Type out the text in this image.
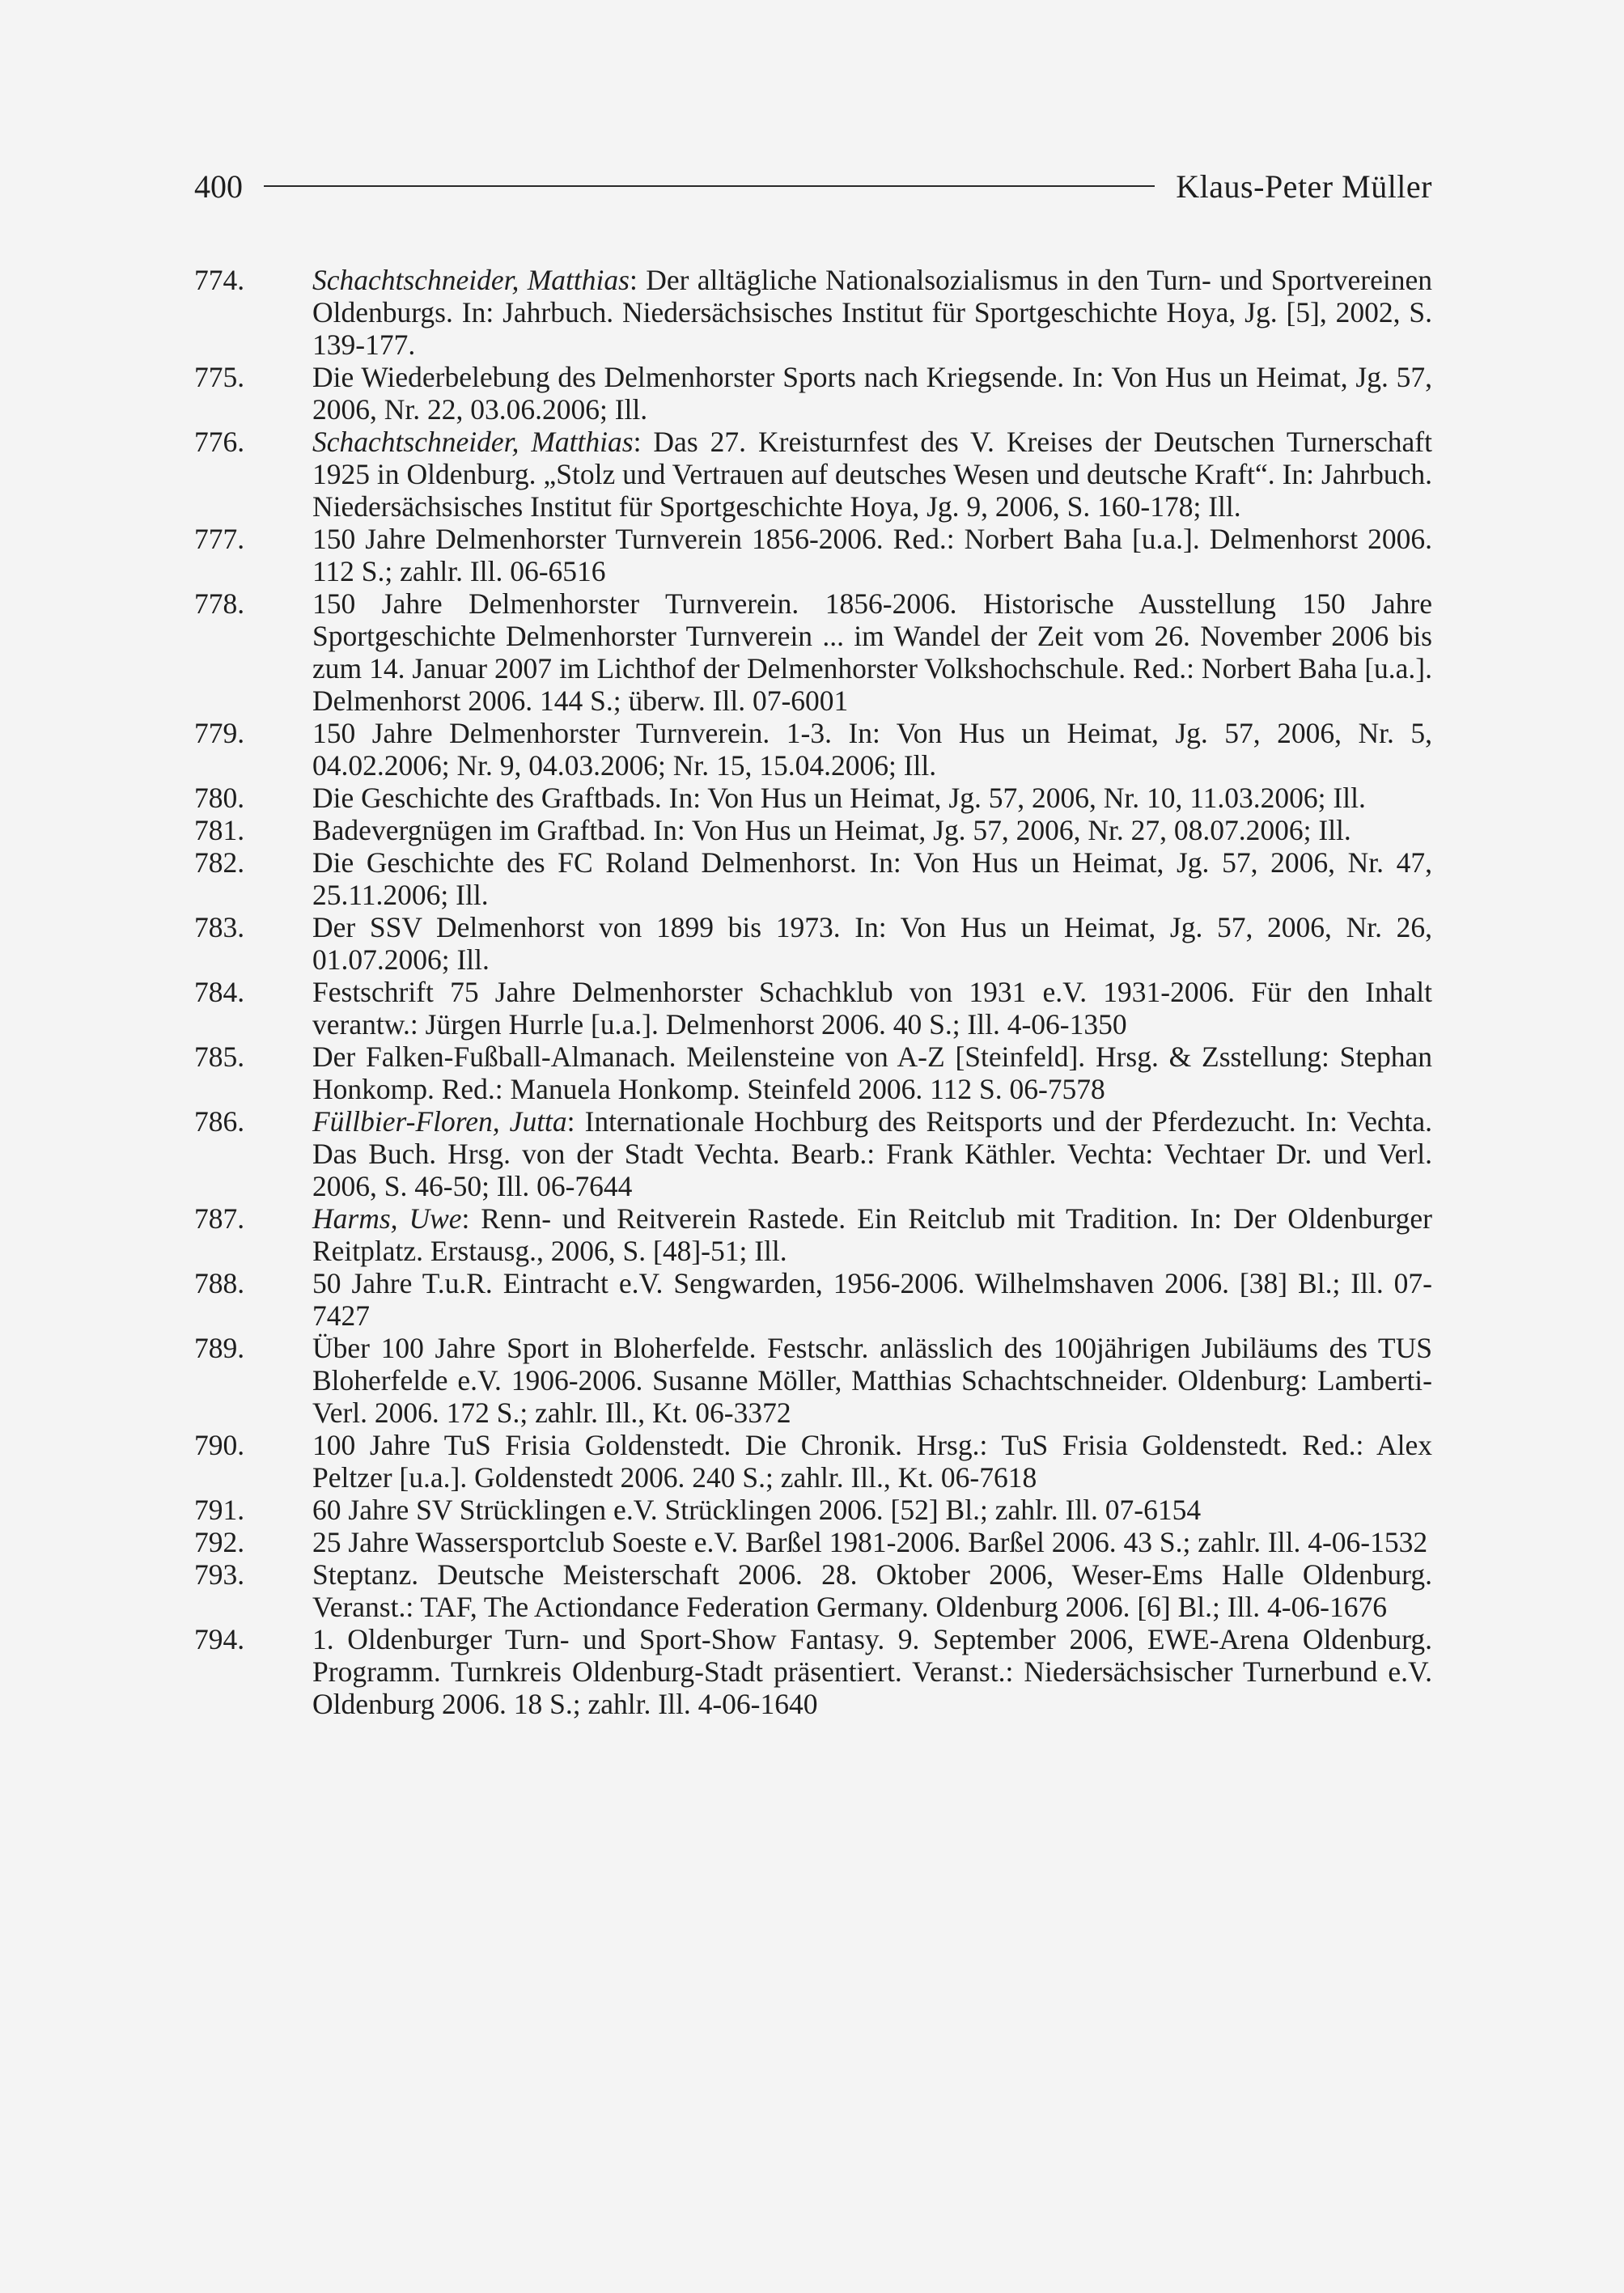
400	Klaus-Peter Müller
774.	Schachtschneider, Matthias: Der alltägliche Nationalsozialismus in den Turn- und Sportvereinen Oldenburgs. In: Jahrbuch. Niedersächsisches Institut für Sportgeschichte Hoya, Jg. [5], 2002, S. 139-177.

775.	Die Wiederbelebung des Delmenhorster Sports nach Kriegsende. In: Von Hus un Heimat, Jg. 57, 2006, Nr. 22, 03.06.2006; Ill.

776.	Schachtschneider, Matthias: Das 27. Kreisturnfest des V. Kreises der Deutschen Turnerschaft 1925 in Oldenburg. „Stolz und Vertrauen auf deutsches Wesen und deutsche Kraft“. In: Jahrbuch. Niedersächsisches Institut für Sportgeschichte Hoya, Jg. 9, 2006, S. 160-178; Ill.

777.	150 Jahre Delmenhorster Turnverein 1856-2006. Red.: Norbert Baha [u.a.]. Delmenhorst 2006. 112 S.; zahlr. Ill. 06-6516

778.	150 Jahre Delmenhorster Turnverein. 1856-2006. Historische Ausstellung 150 Jahre Sportgeschichte Delmenhorster Turnverein ... im Wandel der Zeit vom 26. November 2006 bis zum 14. Januar 2007 im Lichthof der Delmenhorster Volkshochschule. Red.: Norbert Baha [u.a.]. Delmenhorst 2006. 144 S.; überw. Ill. 07-6001

779.	150 Jahre Delmenhorster Turnverein. 1-3. In: Von Hus un Heimat, Jg. 57, 2006, Nr. 5, 04.02.2006; Nr. 9, 04.03.2006; Nr. 15, 15.04.2006; Ill.

780.	Die Geschichte des Graftbads. In: Von Hus un Heimat, Jg. 57, 2006, Nr. 10, 11.03.2006; Ill.

781.	Badevergnügen im Graftbad. In: Von Hus un Heimat, Jg. 57, 2006, Nr. 27, 08.07.2006; Ill.

782.	Die Geschichte des FC Roland Delmenhorst. In: Von Hus un Heimat, Jg. 57, 2006, Nr. 47, 25.11.2006; Ill.

783.	Der SSV Delmenhorst von 1899 bis 1973. In: Von Hus un Heimat, Jg. 57, 2006, Nr. 26, 01.07.2006; Ill.

784.	Festschrift 75 Jahre Delmenhorster Schachklub von 1931 e.V. 1931-2006. Für den Inhalt verantw.: Jürgen Hurrle [u.a.]. Delmenhorst 2006. 40 S.; Ill. 4-06-1350

785.	Der Falken-Fußball-Almanach. Meilensteine von A-Z [Steinfeld]. Hrsg. & Zsstellung: Stephan Honkomp. Red.: Manuela Honkomp. Steinfeld 2006. 112 S. 06-7578

786.	Füllbier-Floren, Jutta: Internationale Hochburg des Reitsports und der Pferdezucht. In: Vechta. Das Buch. Hrsg. von der Stadt Vechta. Bearb.: Frank Käthler. Vechta: Vechtaer Dr. und Verl. 2006, S. 46-50; Ill. 06-7644

787.	Harms, Uwe: Renn- und Reitverein Rastede. Ein Reitclub mit Tradition. In: Der Oldenburger Reitplatz. Erstausg., 2006, S. [48]-51; Ill.

788.	50 Jahre T.u.R. Eintracht e.V. Sengwarden, 1956-2006. Wilhelmshaven 2006. [38] Bl.; Ill. 07-7427

789.	Über 100 Jahre Sport in Bloherfelde. Festschr. anlässlich des 100jährigen Jubiläums des TUS Bloherfelde e.V. 1906-2006. Susanne Möller, Matthias Schachtschneider. Oldenburg: Lamberti-Verl. 2006. 172 S.; zahlr. Ill., Kt. 06-3372

790.	100 Jahre TuS Frisia Goldenstedt. Die Chronik. Hrsg.: TuS Frisia Goldenstedt. Red.: Alex Peltzer [u.a.]. Goldenstedt 2006. 240 S.; zahlr. Ill., Kt. 06-7618

791.	60 Jahre SV Strücklingen e.V. Strücklingen 2006. [52] Bl.; zahlr. Ill. 07-6154

792.	25 Jahre Wassersportclub Soeste e.V. Barßel 1981-2006. Barßel 2006. 43 S.; zahlr. Ill. 4-06-1532

793.	Steptanz. Deutsche Meisterschaft 2006. 28. Oktober 2006, Weser-Ems Halle Oldenburg. Veranst.: TAF, The Actiondance Federation Germany. Oldenburg 2006. [6] Bl.; Ill. 4-06-1676

794.	1. Oldenburger Turn- und Sport-Show Fantasy. 9. September 2006, EWE-Arena Oldenburg. Programm. Turnkreis Oldenburg-Stadt präsentiert. Veranst.: Niedersächsischer Turnerbund e.V. Oldenburg 2006. 18 S.; zahlr. Ill. 4-06-1640
